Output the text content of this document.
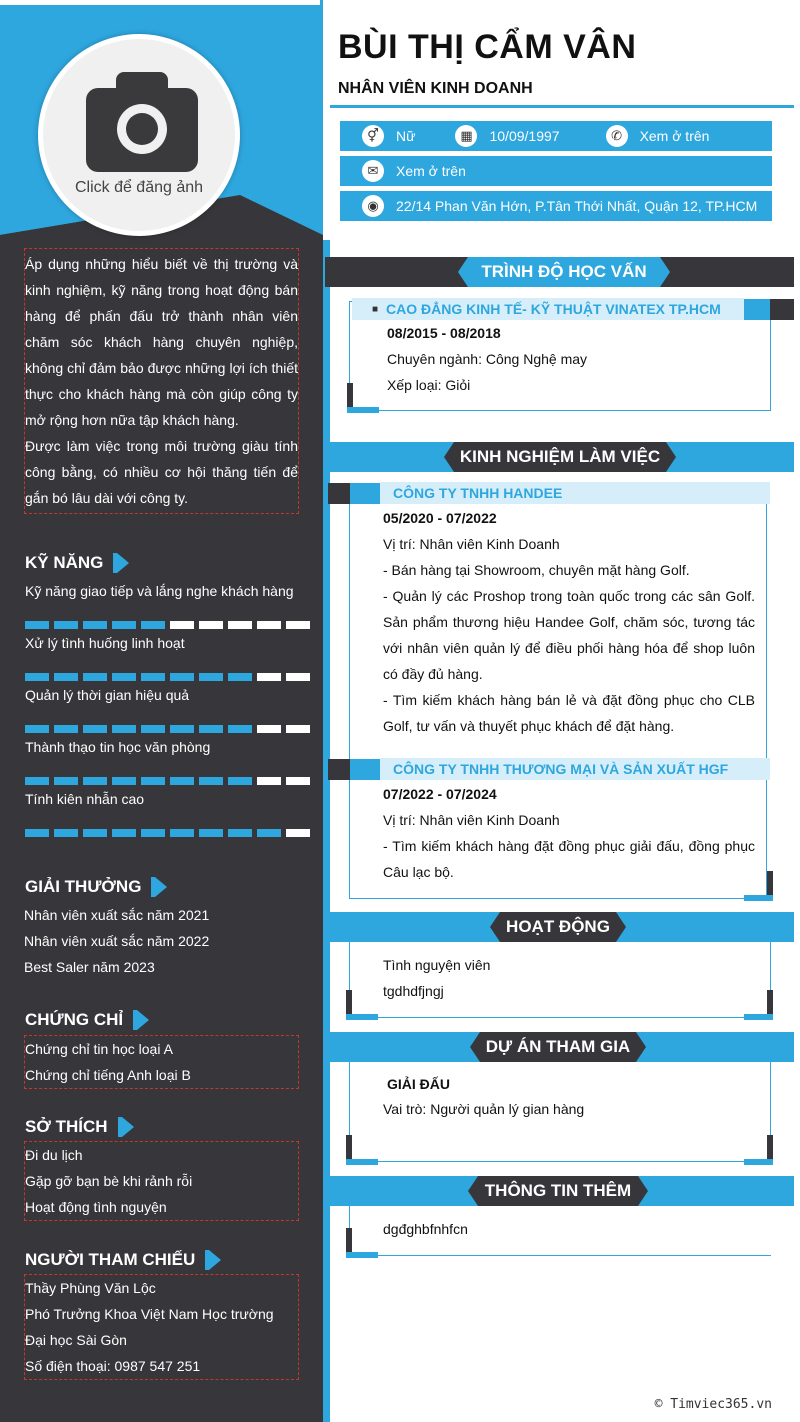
Click để đăng ảnh
Áp dụng những hiểu biết về thị trường và kinh nghiệm, kỹ năng trong hoạt động bán hàng để phấn đấu trở thành nhân viên chăm sóc khách hàng chuyên nghiệp, không chỉ đảm bảo được những lợi ích thiết thực cho khách hàng mà còn giúp công ty mở rộng hơn nữa tập khách hàng.
Được làm việc trong môi trường giàu tính công bằng, có nhiều cơ hội thăng tiến để gắn bó lâu dài với công ty.
KỸ NĂNG
Kỹ năng giao tiếp và lắng nghe khách hàng
Xử lý tình huống linh hoạt
Quản lý thời gian hiệu quả
Thành thạo tin học văn phòng
Tính kiên nhẫn cao
GIẢI THƯỞNG
Nhân viên xuất sắc năm 2021
Nhân viên xuất sắc năm 2022
Best Saler năm 2023
CHỨNG CHỈ
Chứng chỉ tin học loại A
Chứng chỉ tiếng Anh loại B
SỞ THÍCH
Đi du lịch
Gặp gỡ bạn bè khi rảnh rỗi
Hoạt động tình nguyện
NGƯỜI THAM CHIẾU
Thầy Phùng Văn Lộc
Phó Trưởng Khoa Việt Nam Học trường Đại học Sài Gòn
Số điện thoại: 0987 547 251
BÙI THỊ CẨM VÂN
NHÂN VIÊN KINH DOANH
⚥	Nữ	▦	10/09/1997	✆	Xem ở trên
✉	Xem ở trên
◉	22/14 Phan Văn Hớn, P.Tân Thới Nhất, Quận 12, TP.HCM
TRÌNH ĐỘ HỌC VẤN
■ CAO ĐẲNG KINH TẾ- KỸ THUẬT VINATEX TP.HCM
08/2015 - 08/2018
Chuyên ngành: Công Nghệ may
Xếp loại: Giỏi
KINH NGHIỆM LÀM VIỆC
CÔNG TY TNHH HANDEE
05/2020 - 07/2022
Vị trí: Nhân viên Kinh Doanh
- Bán hàng tại Showroom, chuyên mặt hàng Golf.
- Quản lý các Proshop trong toàn quốc trong các sân Golf. Sản phẩm thương hiệu Handee Golf, chăm sóc, tương tác với nhân viên quản lý để điều phối hàng hóa để shop luôn có đầy đủ hàng.
- Tìm kiếm khách hàng bán lẻ và đặt đồng phục cho CLB Golf, tư vấn và thuyết phục khách để đặt hàng.
CÔNG TY TNHH THƯƠNG MẠI VÀ SẢN XUẤT HGF
07/2022 - 07/2024
Vị trí: Nhân viên Kinh Doanh
- Tìm kiếm khách hàng đặt đồng phục giải đấu, đồng phục Câu lạc bộ.
HOẠT ĐỘNG
Tình nguyện viên
tgdhdfjngj
DỰ ÁN THAM GIA
GIẢI ĐẤU
Vai trò: Người quản lý gian hàng
THÔNG TIN THÊM
dgđghbfnhfcn
© Timviec365.vn
